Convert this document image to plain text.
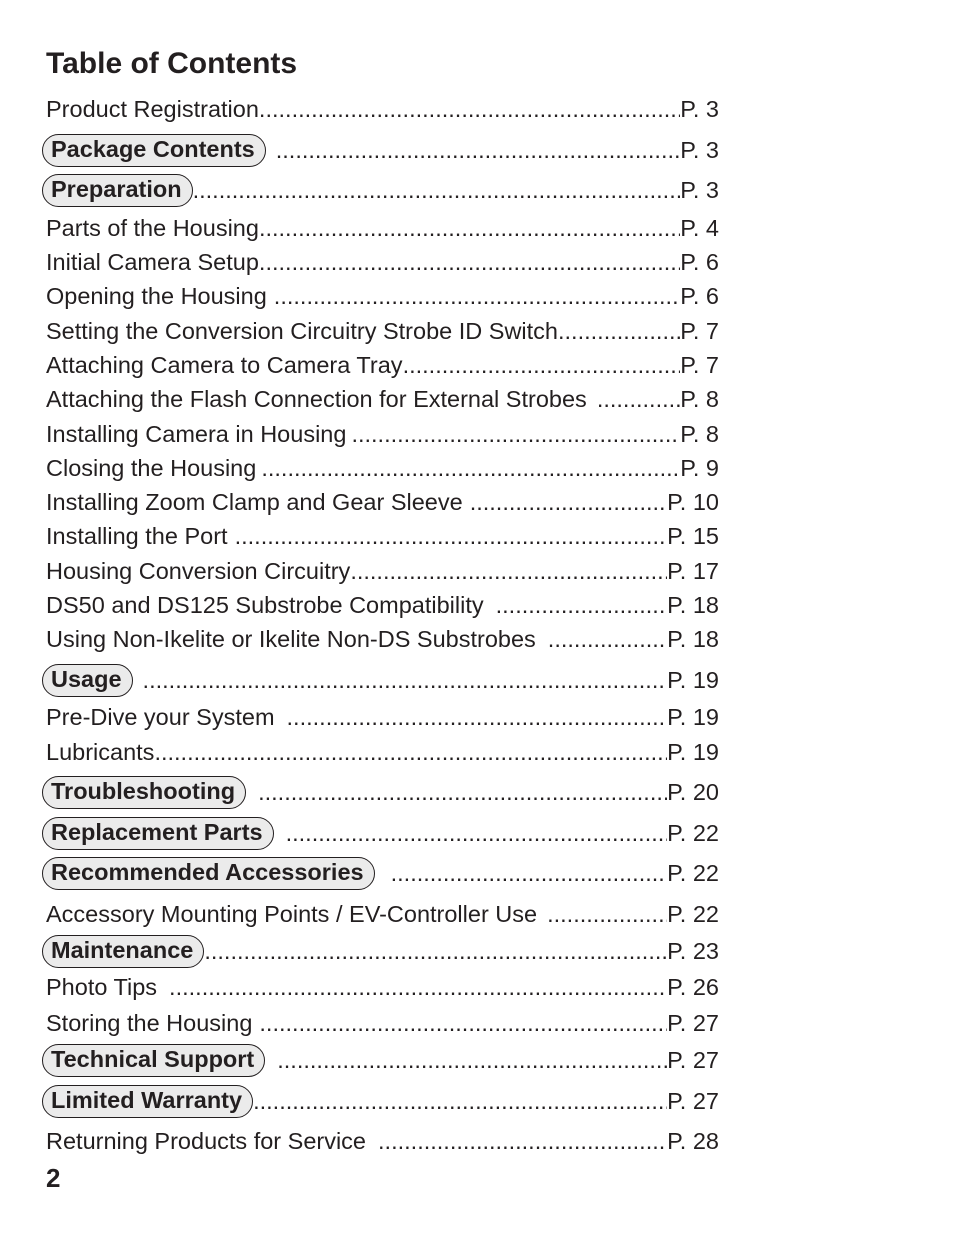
Table of Contents
Product Registration .....	P. 3
Package Contents .....	P. 3
Preparation .....	P. 3
Parts of the Housing .....	P. 4
Initial Camera Setup .....	P. 6
Opening the Housing .....	P. 6
Setting the Conversion Circuitry Strobe ID Switch .....	P. 7
Attaching Camera to Camera Tray .....	P. 7
Attaching the Flash Connection for External Strobes .....	P. 8
Installing Camera in Housing .....	P. 8
Closing the Housing .....	P. 9
Installing Zoom Clamp and Gear Sleeve .....	P. 10
Installing the Port .....	P. 15
Housing Conversion Circuitry .....	P. 17
DS50 and DS125 Substrobe Compatibility .....	P. 18
Using Non-Ikelite or Ikelite Non-DS Substrobes .....	P. 18
Usage .....	P. 19
Pre-Dive your System .....	P. 19
Lubricants .....	P. 19
Troubleshooting .....	P. 20
Replacement Parts .....	P. 22
Recommended Accessories .....	P. 22
Accessory Mounting Points / EV-Controller Use .....	P. 22
Maintenance .....	P. 23
Photo Tips .....	P. 26
Storing the Housing .....	P. 27
Technical Support .....	P. 27
Limited Warranty .....	P. 27
Returning Products for Service .....	P. 28
2
